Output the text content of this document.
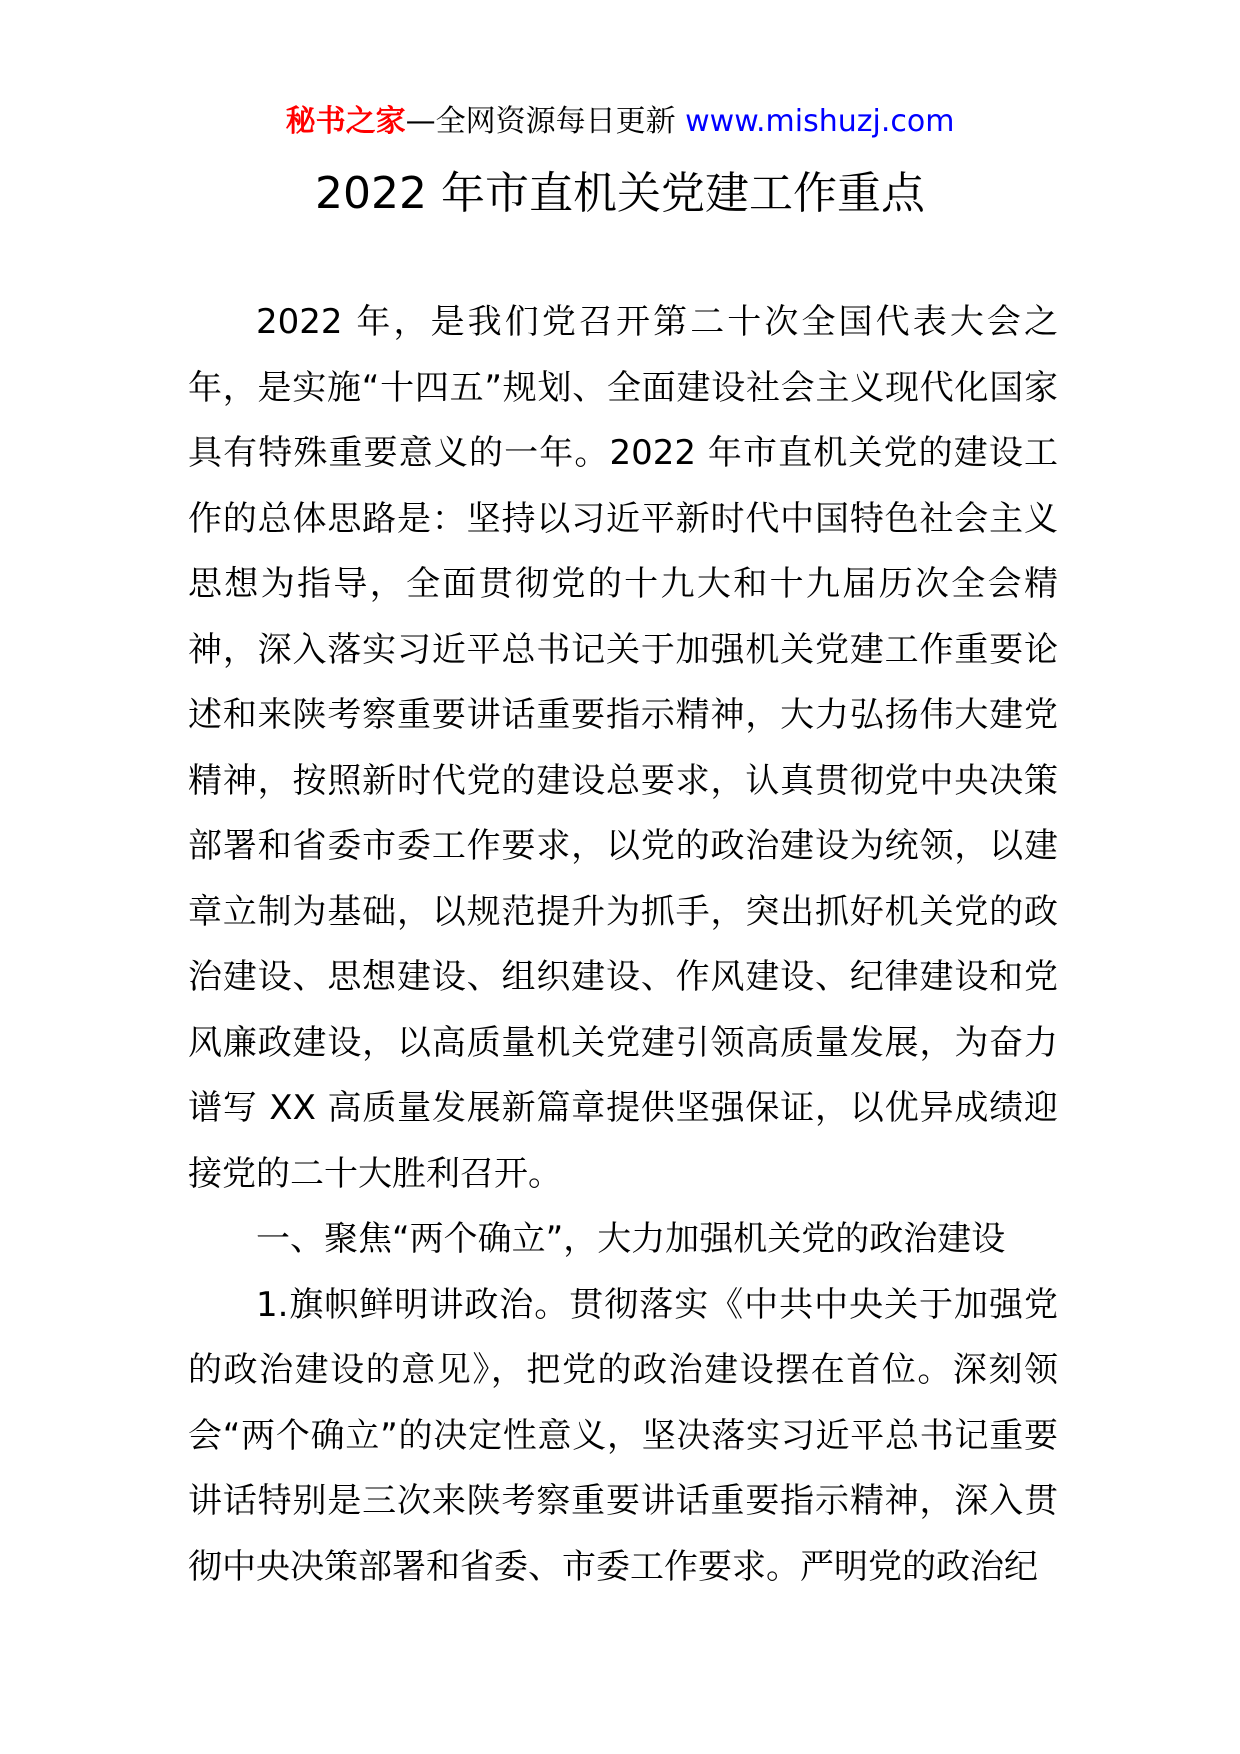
秘书之家—全网资源每日更新 www.mishuzj.com
2022 年市直机关党建工作重点

2022 年，是我们党召开第二十次全国代表大会之年，是实施“十四五”规划、全面建设社会主义现代化国家具有特殊重要意义的一年。2022 年市直机关党的建设工作的总体思路是：坚持以习近平新时代中国特色社会主义思想为指导，全面贯彻党的十九大和十九届历次全会精神，深入落实习近平总书记关于加强机关党建工作重要论述和来陕考察重要讲话重要指示精神，大力弘扬伟大建党精神，按照新时代党的建设总要求，认真贯彻党中央决策部署和省委市委工作要求，以党的政治建设为统领，以建章立制为基础，以规范提升为抓手，突出抓好机关党的政治建设、思想建设、组织建设、作风建设、纪律建设和党风廉政建设，以高质量机关党建引领高质量发展，为奋力谱写 XX 高质量发展新篇章提供坚强保证，以优异成绩迎接党的二十大胜利召开。

一、聚焦“两个确立”，大力加强机关党的政治建设

1.旗帜鲜明讲政治。贯彻落实《中共中央关于加强党的政治建设的意见》，把党的政治建设摆在首位。深刻领会“两个确立”的决定性意义，坚决落实习近平总书记重要讲话特别是三次来陕考察重要讲话重要指示精神，深入贯彻中央决策部署和省委、市委工作要求。严明党的政治纪
